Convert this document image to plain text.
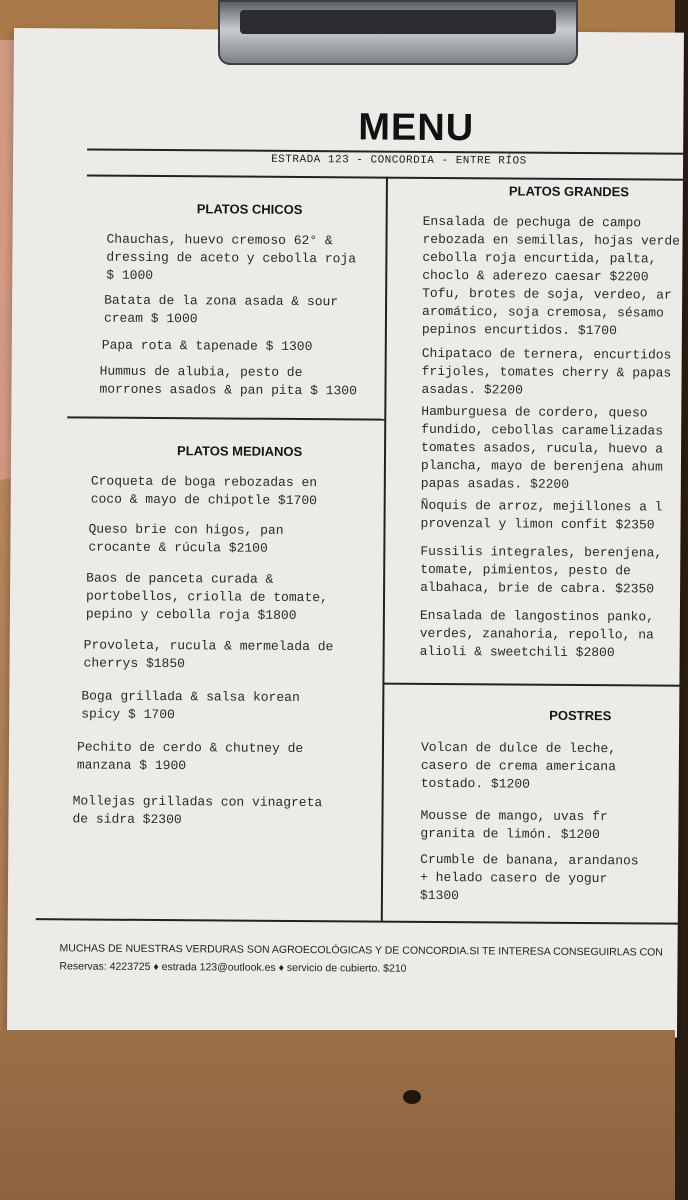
MENU
ESTRADA 123 - CONCORDIA - ENTRE RÍOS
PLATOS CHICOS
Chauchas, huevo cremoso 62° &
dressing de aceto y cebolla roja
$ 1000
Batata de la zona asada & sour
cream $ 1000
Papa rota & tapenade $ 1300
Hummus de alubia, pesto de
morrones asados & pan pita $ 1300
PLATOS MEDIANOS
Croqueta de boga rebozadas en
coco & mayo de chipotle $1700
Queso brie con higos, pan
crocante & rúcula $2100
Baos de panceta curada &
portobellos, criolla de tomate,
pepino y cebolla roja $1800
Provoleta, rucula & mermelada de
cherrys $1850
Boga grillada & salsa korean
spicy $ 1700
Pechito de cerdo & chutney de
manzana $ 1900
Mollejas grilladas con vinagreta
de sidra $2300
PLATOS GRANDES
Ensalada de pechuga de campo
rebozada en semillas, hojas verde
cebolla roja encurtida, palta,
choclo & aderezo caesar $2200
Tofu, brotes de soja, verdeo, ar
aromático, soja cremosa, sésamo
pepinos encurtidos. $1700
Chipataco de ternera, encurtidos
frijoles, tomates cherry & papas
asadas. $2200
Hamburguesa de cordero, queso
fundido, cebollas caramelizadas
tomates asados, rucula, huevo a
plancha, mayo de berenjena ahum
papas asadas. $2200
Ñoquis de arroz, mejillones a l
provenzal y limon confit $2350
Fussilis integrales, berenjena,
tomate, pimientos, pesto de
albahaca, brie de cabra. $2350
Ensalada de langostinos panko,
verdes, zanahoria, repollo, na
alioli & sweetchili $2800
POSTRES
Volcan de dulce de leche,
casero de crema americana
tostado. $1200
Mousse de mango, uvas fr
granita de limón. $1200
Crumble de banana, arandanos
+ helado casero de yogur
$1300
MUCHAS DE NUESTRAS VERDURAS SON AGROECOLÓGICAS Y DE CONCORDIA.SI TE INTERESA CONSEGUIRLAS CON
Reservas: 4223725 ♦ estrada 123@outlook.es ♦ servicio de cubierto. $210
